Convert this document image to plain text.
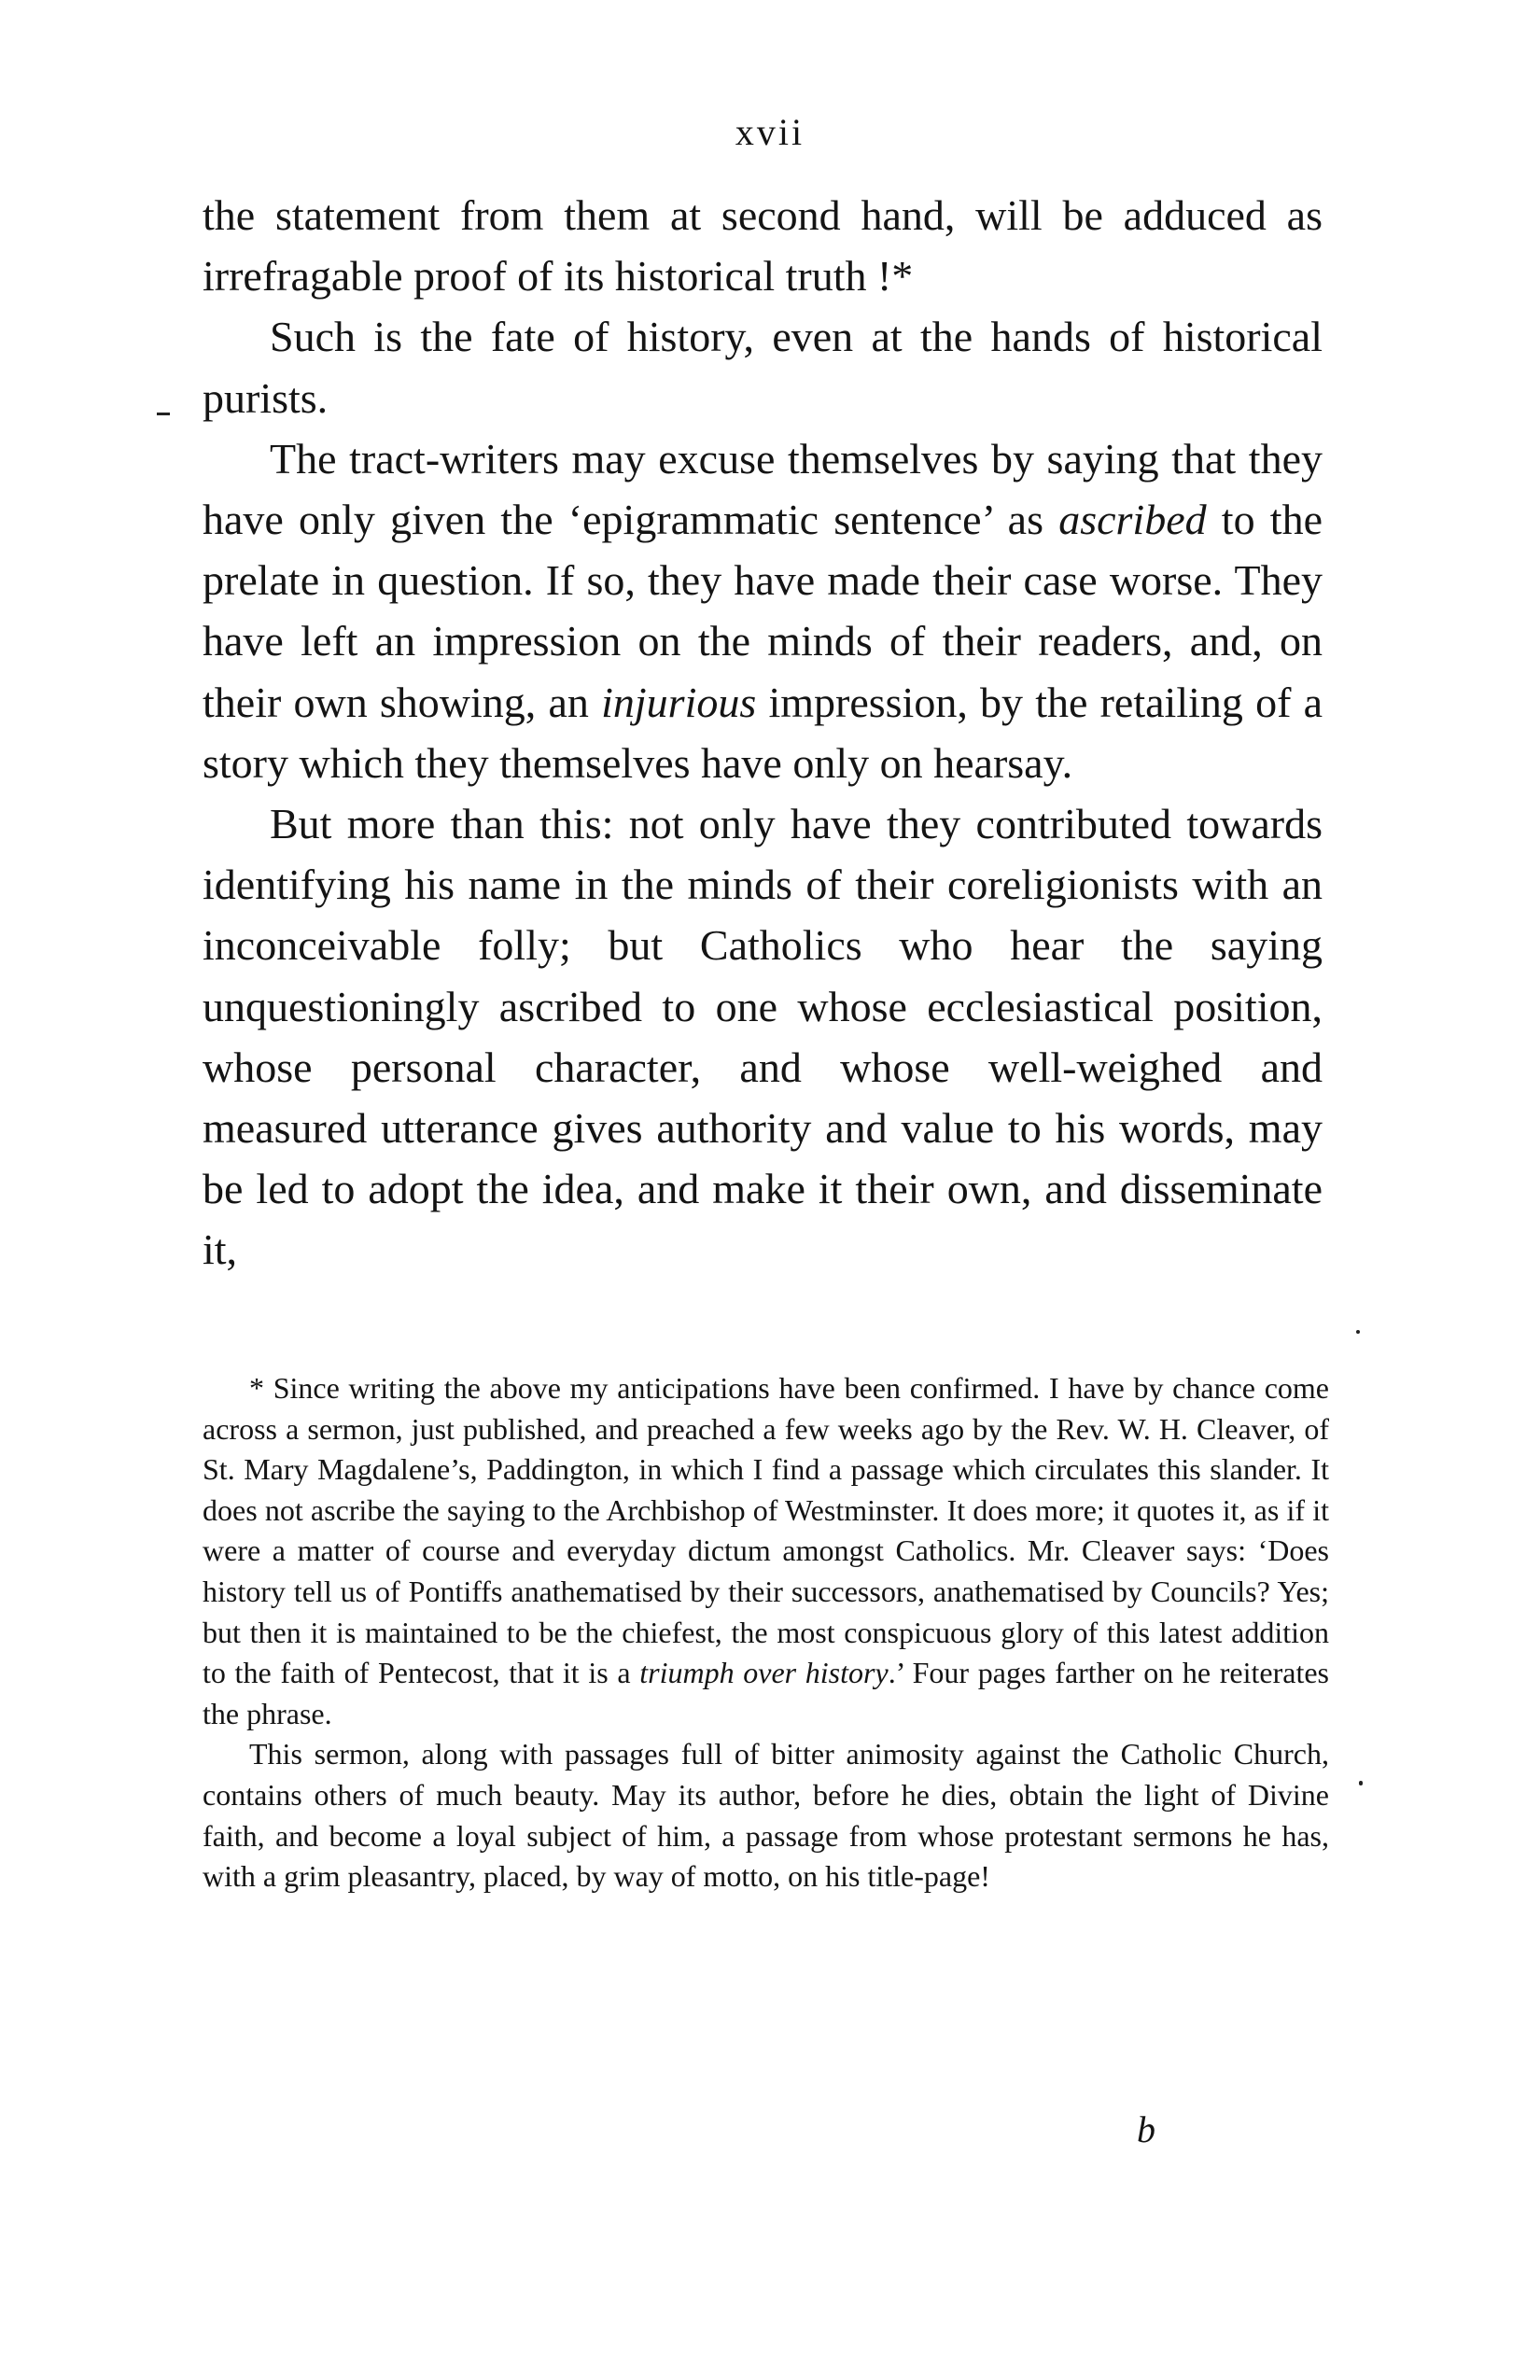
xvii

the statement from them at second hand, will be adduced as irrefragable proof of its historical truth !*

Such is the fate of history, even at the hands of historical purists.

The tract-writers may excuse themselves by saying that they have only given the ‘epigrammatic sentence’ as ascribed to the prelate in question. If so, they have made their case worse. They have left an impression on the minds of their readers, and, on their own showing, an injurious impression, by the retailing of a story which they themselves have only on hearsay.

But more than this: not only have they contributed towards identifying his name in the minds of their coreligionists with an inconceivable folly; but Catholics who hear the saying unquestioningly ascribed to one whose ecclesiastical position, whose personal character, and whose well-weighed and measured utterance gives authority and value to his words, may be led to adopt the idea, and make it their own, and disseminate it,

* Since writing the above my anticipations have been confirmed. I have by chance come across a sermon, just published, and preached a few weeks ago by the Rev. W. H. Cleaver, of St. Mary Magdalene’s, Paddington, in which I find a passage which circulates this slander. It does not ascribe the saying to the Archbishop of Westminster. It does more; it quotes it, as if it were a matter of course and everyday dictum amongst Catholics. Mr. Cleaver says: ‘Does history tell us of Pontiffs anathematised by their successors, anathematised by Councils? Yes; but then it is maintained to be the chiefest, the most conspicuous glory of this latest addition to the faith of Pentecost, that it is a triumph over history.’ Four pages farther on he reiterates the phrase.

This sermon, along with passages full of bitter animosity against the Catholic Church, contains others of much beauty. May its author, before he dies, obtain the light of Divine faith, and become a loyal subject of him, a passage from whose protestant sermons he has, with a grim pleasantry, placed, by way of motto, on his title-page!

b
